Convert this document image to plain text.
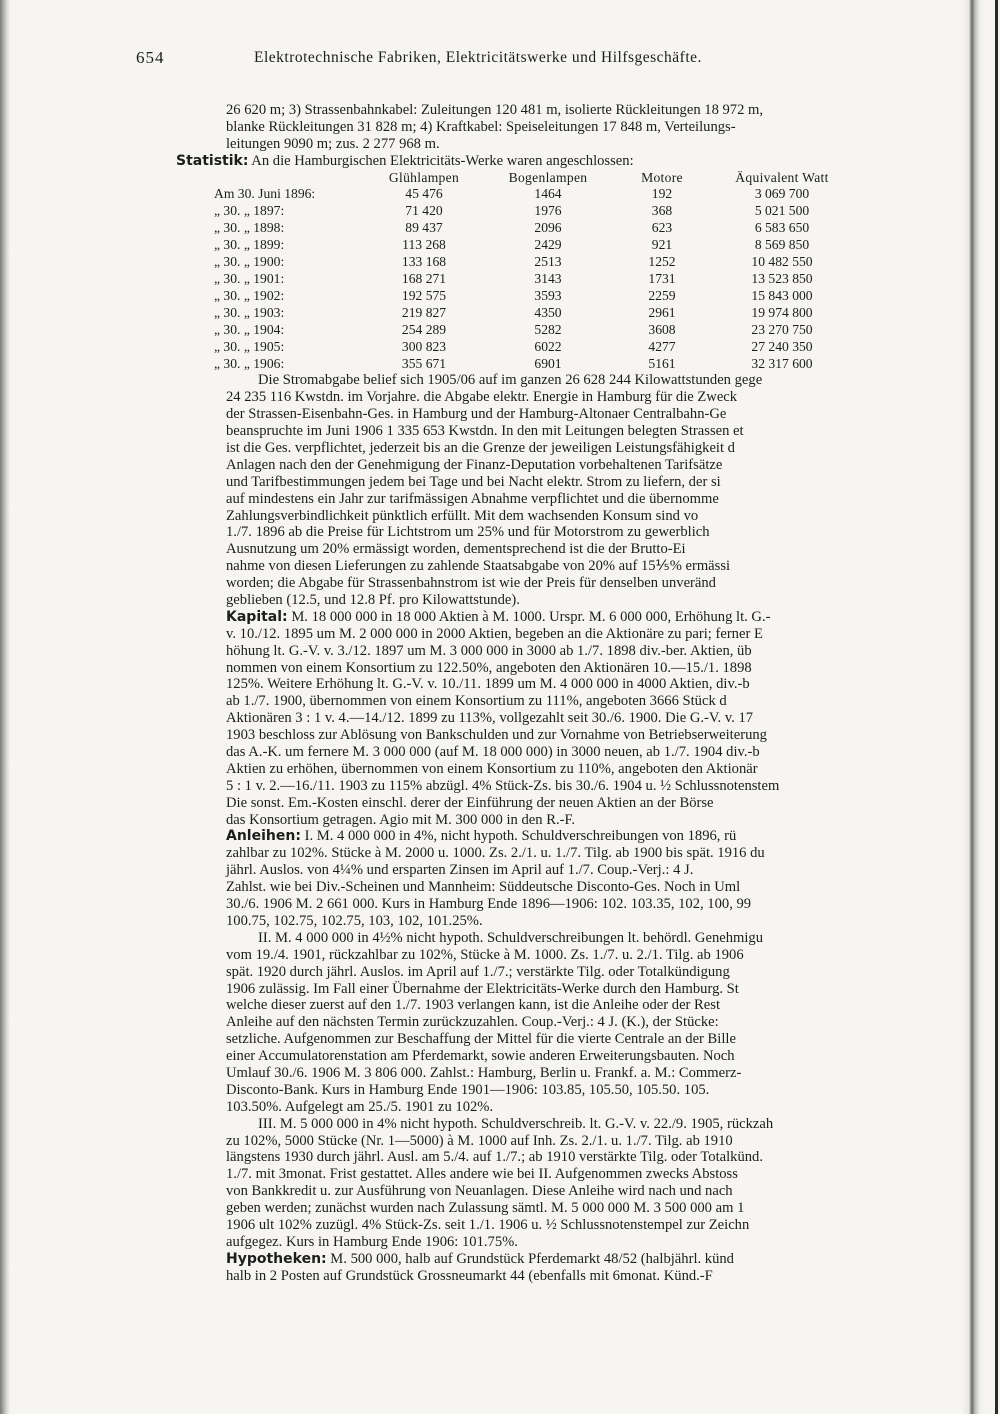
654	Elektrotechnische Fabriken, Elektricitätswerke und Hilfsgeschäfte.
26 620 m; 3) Strassenbahnkabel: Zuleitungen 120 481 m, isolierte Rückleitungen 18 972 m,
blanke Rückleitungen 31 828 m; 4) Kraftkabel: Speiseleitungen 17 848 m, Verteilungs-
leitungen 9090 m; zus. 2 277 968 m.
Statistik: An die Hamburgischen Elektricitäts-Werke waren angeschlossen:
	Glühlampen	Bogenlampen	Motore	Äquivalent Watt
Am 30. Juni 1896:	45 476	1464	192	3 069 700
„ 30. „ 1897:	71 420	1976	368	5 021 500
„ 30. „ 1898:	89 437	2096	623	6 583 650
„ 30. „ 1899:	113 268	2429	921	8 569 850
„ 30. „ 1900:	133 168	2513	1252	10 482 550
„ 30. „ 1901:	168 271	3143	1731	13 523 850
„ 30. „ 1902:	192 575	3593	2259	15 843 000
„ 30. „ 1903:	219 827	4350	2961	19 974 800
„ 30. „ 1904:	254 289	5282	3608	23 270 750
„ 30. „ 1905:	300 823	6022	4277	27 240 350
„ 30. „ 1906:	355 671	6901	5161	32 317 600
Die Stromabgabe belief sich 1905/06 auf im ganzen 26 628 244 Kilowattstunden gege
24 235 116 Kwstdn. im Vorjahre. die Abgabe elektr. Energie in Hamburg für die Zweck
der Strassen-Eisenbahn-Ges. in Hamburg und der Hamburg-Altonaer Centralbahn-Ge
beanspruchte im Juni 1906 1 335 653 Kwstdn. In den mit Leitungen belegten Strassen et
ist die Ges. verpflichtet, jederzeit bis an die Grenze der jeweiligen Leistungsfähigkeit d
Anlagen nach den der Genehmigung der Finanz-Deputation vorbehaltenen Tarifsätze
und Tarifbestimmungen jedem bei Tage und bei Nacht elektr. Strom zu liefern, der si
auf mindestens ein Jahr zur tarifmässigen Abnahme verpflichtet und die übernomme
Zahlungsverbindlichkeit pünktlich erfüllt. Mit dem wachsenden Konsum sind vo
1./7. 1896 ab die Preise für Lichtstrom um 25% und für Motorstrom zu gewerblich
Ausnutzung um 20% ermässigt worden, dementsprechend ist die der Brutto-Ei
nahme von diesen Lieferungen zu zahlende Staatsabgabe von 20% auf 15⅕% ermässi
worden; die Abgabe für Strassenbahnstrom ist wie der Preis für denselben unveränd
geblieben (12.5, und 12.8 Pf. pro Kilowattstunde).
Kapital: M. 18 000 000 in 18 000 Aktien à M. 1000. Urspr. M. 6 000 000, Erhöhung lt. G.-
v. 10./12. 1895 um M. 2 000 000 in 2000 Aktien, begeben an die Aktionäre zu pari; ferner E
höhung lt. G.-V. v. 3./12. 1897 um M. 3 000 000 in 3000 ab 1./7. 1898 div.-ber. Aktien, üb
nommen von einem Konsortium zu 122.50%, angeboten den Aktionären 10.—15./1. 1898
125%. Weitere Erhöhung lt. G.-V. v. 10./11. 1899 um M. 4 000 000 in 4000 Aktien, div.-b
ab 1./7. 1900, übernommen von einem Konsortium zu 111%, angeboten 3666 Stück d
Aktionären 3 : 1 v. 4.—14./12. 1899 zu 113%, vollgezahlt seit 30./6. 1900. Die G.-V. v. 17
1903 beschloss zur Ablösung von Bankschulden und zur Vornahme von Betriebserweiterung
das A.-K. um fernere M. 3 000 000 (auf M. 18 000 000) in 3000 neuen, ab 1./7. 1904 div.-b
Aktien zu erhöhen, übernommen von einem Konsortium zu 110%, angeboten den Aktionär
5 : 1 v. 2.—16./11. 1903 zu 115% abzügl. 4% Stück-Zs. bis 30./6. 1904 u. ½ Schlussnotenstem
Die sonst. Em.-Kosten einschl. derer der Einführung der neuen Aktien an der Börse
das Konsortium getragen. Agio mit M. 300 000 in den R.-F.
Anleihen: I. M. 4 000 000 in 4%, nicht hypoth. Schuldverschreibungen von 1896, rü
zahlbar zu 102%. Stücke à M. 2000 u. 1000. Zs. 2./1. u. 1./7. Tilg. ab 1900 bis spät. 1916 du
jährl. Auslos. von 4¼% und ersparten Zinsen im April auf 1./7. Coup.-Verj.: 4 J.
Zahlst. wie bei Div.-Scheinen und Mannheim: Süddeutsche Disconto-Ges. Noch in Uml
30./6. 1906 M. 2 661 000. Kurs in Hamburg Ende 1896—1906: 102. 103.35, 102, 100, 99
100.75, 102.75, 102.75, 103, 102, 101.25%.
II. M. 4 000 000 in 4½% nicht hypoth. Schuldverschreibungen lt. behördl. Genehmigu
vom 19./4. 1901, rückzahlbar zu 102%, Stücke à M. 1000. Zs. 1./7. u. 2./1. Tilg. ab 1906
spät. 1920 durch jährl. Auslos. im April auf 1./7.; verstärkte Tilg. oder Totalkündigung
1906 zulässig. Im Fall einer Übernahme der Elektricitäts-Werke durch den Hamburg. St
welche dieser zuerst auf den 1./7. 1903 verlangen kann, ist die Anleihe oder der Rest
Anleihe auf den nächsten Termin zurückzuzahlen. Coup.-Verj.: 4 J. (K.), der Stücke:
setzliche. Aufgenommen zur Beschaffung der Mittel für die vierte Centrale an der Bille
einer Accumulatorenstation am Pferdemarkt, sowie anderen Erweiterungsbauten. Noch
Umlauf 30./6. 1906 M. 3 806 000. Zahlst.: Hamburg, Berlin u. Frankf. a. M.: Commerz-
Disconto-Bank. Kurs in Hamburg Ende 1901—1906: 103.85, 105.50, 105.50. 105.
103.50%. Aufgelegt am 25./5. 1901 zu 102%.
III. M. 5 000 000 in 4% nicht hypoth. Schuldverschreib. lt. G.-V. v. 22./9. 1905, rückzah
zu 102%, 5000 Stücke (Nr. 1—5000) à M. 1000 auf Inh. Zs. 2./1. u. 1./7. Tilg. ab 1910
längstens 1930 durch jährl. Ausl. am 5./4. auf 1./7.; ab 1910 verstärkte Tilg. oder Totalkünd.
1./7. mit 3monat. Frist gestattet. Alles andere wie bei II. Aufgenommen zwecks Abstoss
von Bankkredit u. zur Ausführung von Neuanlagen. Diese Anleihe wird nach und nach
geben werden; zunächst wurden nach Zulassung sämtl. M. 5 000 000 M. 3 500 000 am 1
1906 ult 102% zuzügl. 4% Stück-Zs. seit 1./1. 1906 u. ½ Schlussnotenstempel zur Zeichn
aufgegez. Kurs in Hamburg Ende 1906: 101.75%.
Hypotheken: M. 500 000, halb auf Grundstück Pferdemarkt 48/52 (halbjährl. künd
halb in 2 Posten auf Grundstück Grossneumarkt 44 (ebenfalls mit 6monat. Künd.-F
